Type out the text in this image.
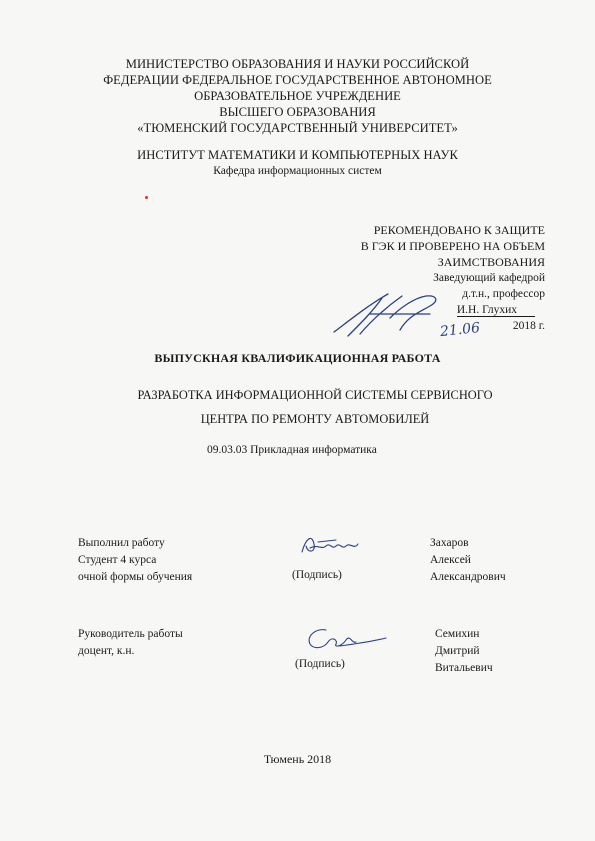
МИНИСТЕРСТВО ОБРАЗОВАНИЯ И НАУКИ РОССИЙСКОЙ
ФЕДЕРАЦИИ ФЕДЕРАЛЬНОЕ ГОСУДАРСТВЕННОЕ АВТОНОМНОЕ
ОБРАЗОВАТЕЛЬНОЕ УЧРЕЖДЕНИЕ
ВЫСШЕГО ОБРАЗОВАНИЯ
«ТЮМЕНСКИЙ ГОСУДАРСТВЕННЫЙ УНИВЕРСИТЕТ»
ИНСТИТУТ МАТЕМАТИКИ И КОМПЬЮТЕРНЫХ НАУК
Кафедра информационных систем
РЕКОМЕНДОВАНО К ЗАЩИТЕ
В ГЭК И ПРОВЕРЕНО НА ОБЪЕМ
ЗАИМСТВОВАНИЯ
Заведующий кафедрой
д.т.н., профессор
И.Н. Глухих
2018 г.
21.06
ВЫПУСКНАЯ КВАЛИФИКАЦИОННАЯ РАБОТА
РАЗРАБОТКА ИНФОРМАЦИОННОЙ СИСТЕМЫ СЕРВИСНОГО
ЦЕНТРА ПО РЕМОНТУ АВТОМОБИЛЕЙ
09.03.03 Прикладная информатика
Выполнил работу
Студент 4 курса
очной формы обучения	(Подпись)
Захаров
Алексей
Александрович
Руководитель работы
доцент, к.н.
(Подпись)
Семихин
Дмитрий
Витальевич
Тюмень 2018
